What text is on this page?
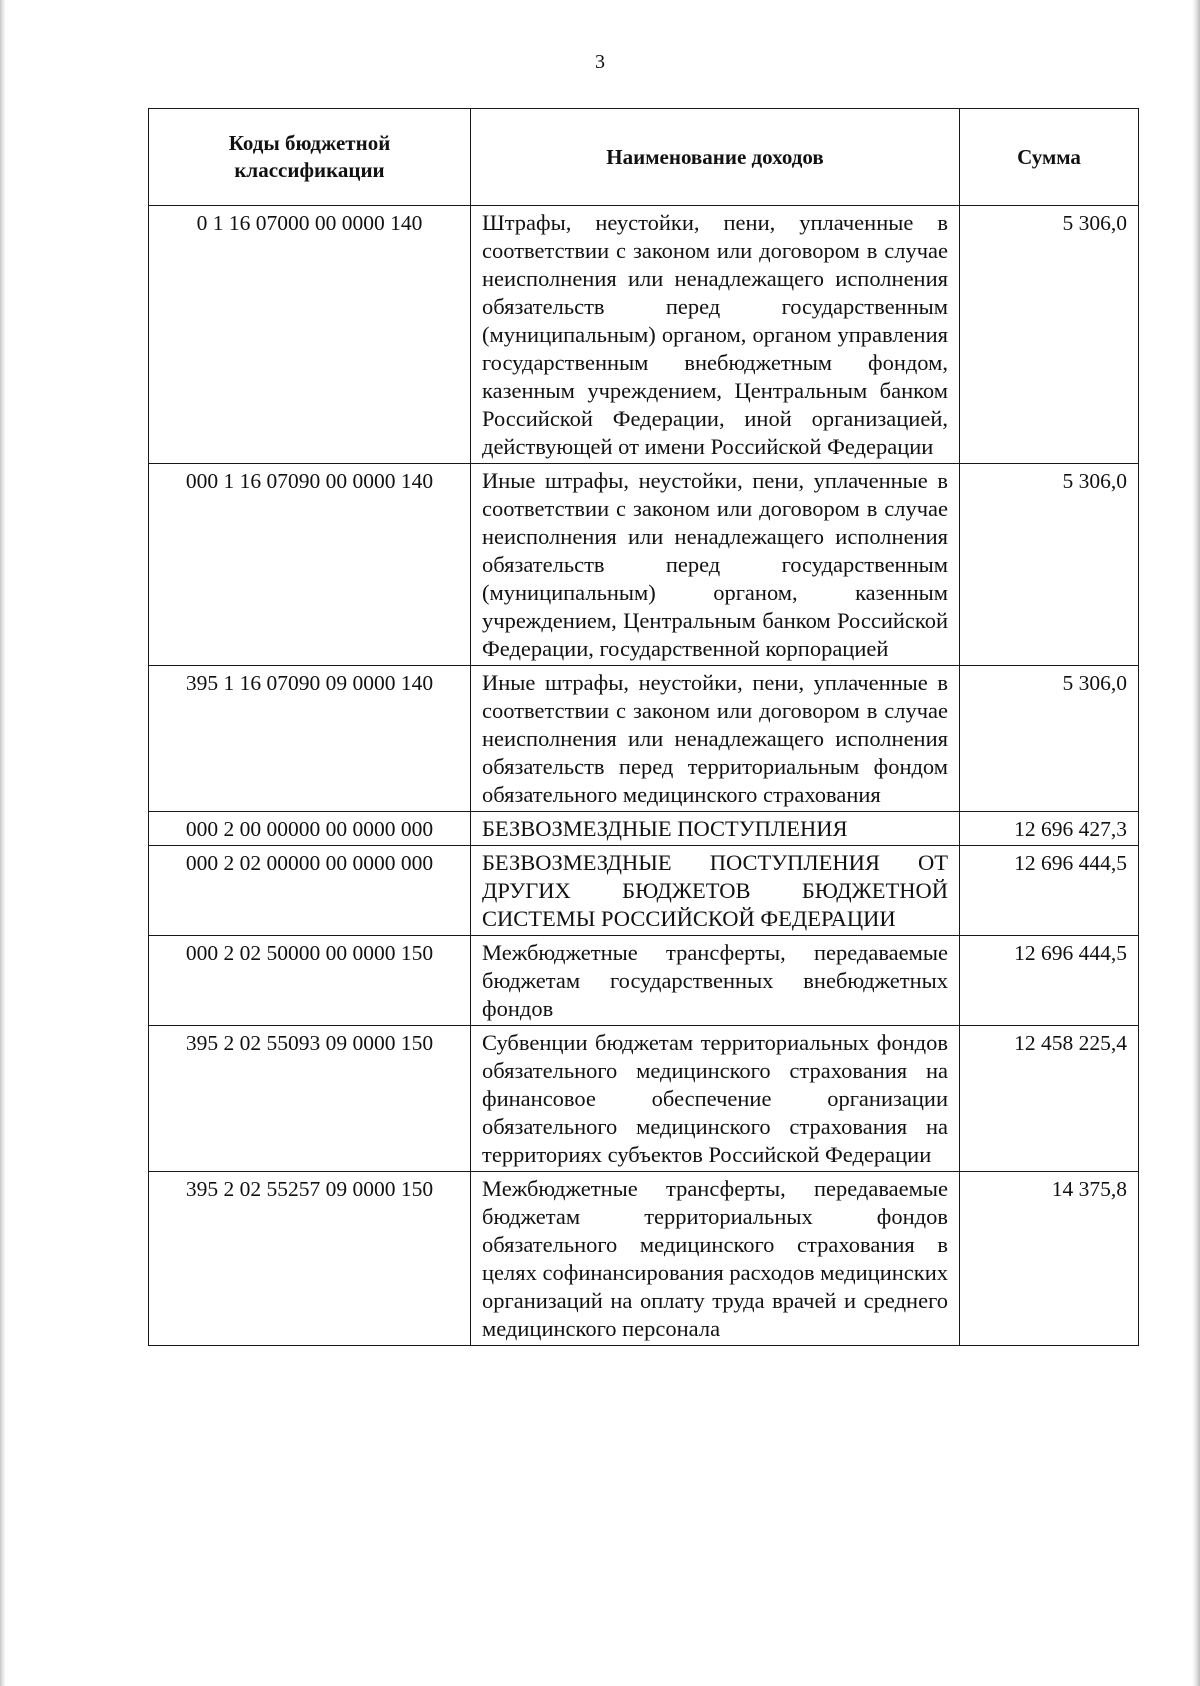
3
Коды бюджетной классификации	Наименование доходов	Сумма
0 1 16 07000 00 0000 140	Штрафы, неустойки, пени, уплаченные в соответствии с законом или договором в случае неисполнения или ненадлежащего исполнения обязательств перед государственным (муниципальным) органом, органом управления государственным внебюджетным фондом, казенным учреждением, Центральным банком Российской Федерации, иной организацией, действующей от имени Российской Федерации	5 306,0
000 1 16 07090 00 0000 140	Иные штрафы, неустойки, пени, уплаченные в соответствии с законом или договором в случае неисполнения или ненадлежащего исполнения обязательств перед государственным (муниципальным) органом, казенным учреждением, Центральным банком Российской Федерации, государственной корпорацией	5 306,0
395 1 16 07090 09 0000 140	Иные штрафы, неустойки, пени, уплаченные в соответствии с законом или договором в случае неисполнения или ненадлежащего исполнения обязательств перед территориальным фондом обязательного медицинского страхования	5 306,0
000 2 00 00000 00 0000 000	БЕЗВОЗМЕЗДНЫЕ ПОСТУПЛЕНИЯ	12 696 427,3
000 2 02 00000 00 0000 000	БЕЗВОЗМЕЗДНЫЕ ПОСТУПЛЕНИЯ ОТ ДРУГИХ БЮДЖЕТОВ БЮДЖЕТНОЙ СИСТЕМЫ РОССИЙСКОЙ ФЕДЕРАЦИИ	12 696 444,5
000 2 02 50000 00 0000 150	Межбюджетные трансферты, передаваемые бюджетам государственных внебюджетных фондов	12 696 444,5
395 2 02 55093 09 0000 150	Субвенции бюджетам территориальных фондов обязательного медицинского страхования на финансовое обеспечение организации обязательного медицинского страхования на территориях субъектов Российской Федерации	12 458 225,4
395 2 02 55257 09 0000 150	Межбюджетные трансферты, передаваемые бюджетам территориальных фондов обязательного медицинского страхования в целях софинансирования расходов медицинских организаций на оплату труда врачей и среднего медицинского персонала	14 375,8
